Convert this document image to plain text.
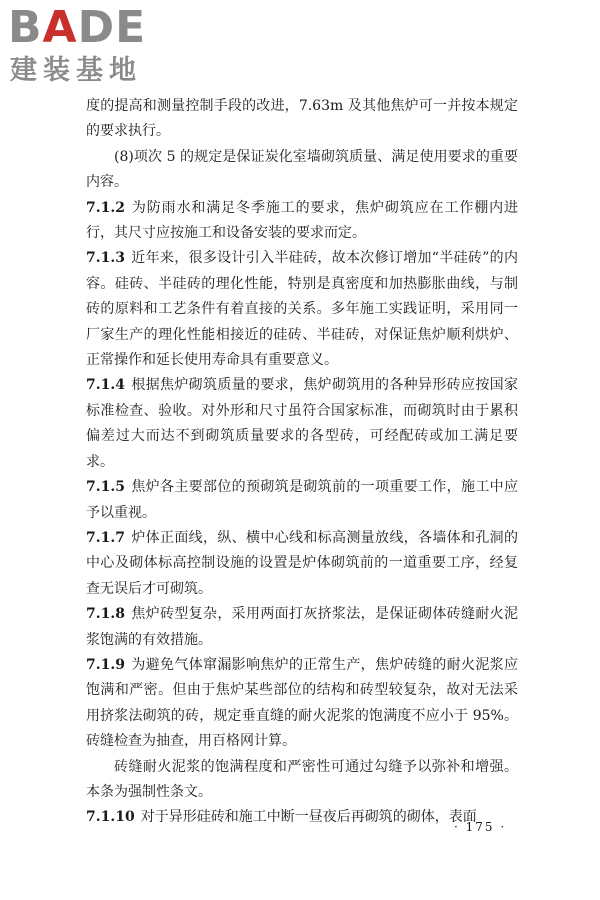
BADE
建装基地

度的提高和测量控制手段的改进，7.63m 及其他焦炉可一并按本规定的要求执行。

(8)项次 5 的规定是保证炭化室墙砌筑质量、满足使用要求的重要内容。

7.1.2 为防雨水和满足冬季施工的要求，焦炉砌筑应在工作棚内进行，其尺寸应按施工和设备安装的要求而定。

7.1.3 近年来，很多设计引入半硅砖，故本次修订增加“半硅砖”的内容。硅砖、半硅砖的理化性能，特别是真密度和加热膨胀曲线，与制砖的原料和工艺条件有着直接的关系。多年施工实践证明，采用同一厂家生产的理化性能相接近的硅砖、半硅砖，对保证焦炉顺利烘炉、正常操作和延长使用寿命具有重要意义。

7.1.4 根据焦炉砌筑质量的要求，焦炉砌筑用的各种异形砖应按国家标准检查、验收。对外形和尺寸虽符合国家标准，而砌筑时由于累积偏差过大而达不到砌筑质量要求的各型砖，可经配砖或加工满足要求。

7.1.5 焦炉各主要部位的预砌筑是砌筑前的一项重要工作，施工中应予以重视。

7.1.7 炉体正面线，纵、横中心线和标高测量放线，各墙体和孔洞的中心及砌体标高控制设施的设置是炉体砌筑前的一道重要工序，经复查无误后才可砌筑。

7.1.8 焦炉砖型复杂，采用两面打灰挤浆法，是保证砌体砖缝耐火泥浆饱满的有效措施。

7.1.9 为避免气体窜漏影响焦炉的正常生产，焦炉砖缝的耐火泥浆应饱满和严密。但由于焦炉某些部位的结构和砖型较复杂，故对无法采用挤浆法砌筑的砖，规定垂直缝的耐火泥浆的饱满度不应小于 95%。砖缝检查为抽查，用百格网计算。

砖缝耐火泥浆的饱满程度和严密性可通过勾缝予以弥补和增强。本条为强制性条文。

7.1.10 对于异形硅砖和施工中断一昼夜后再砌筑的砌体，表面

· 175 ·
